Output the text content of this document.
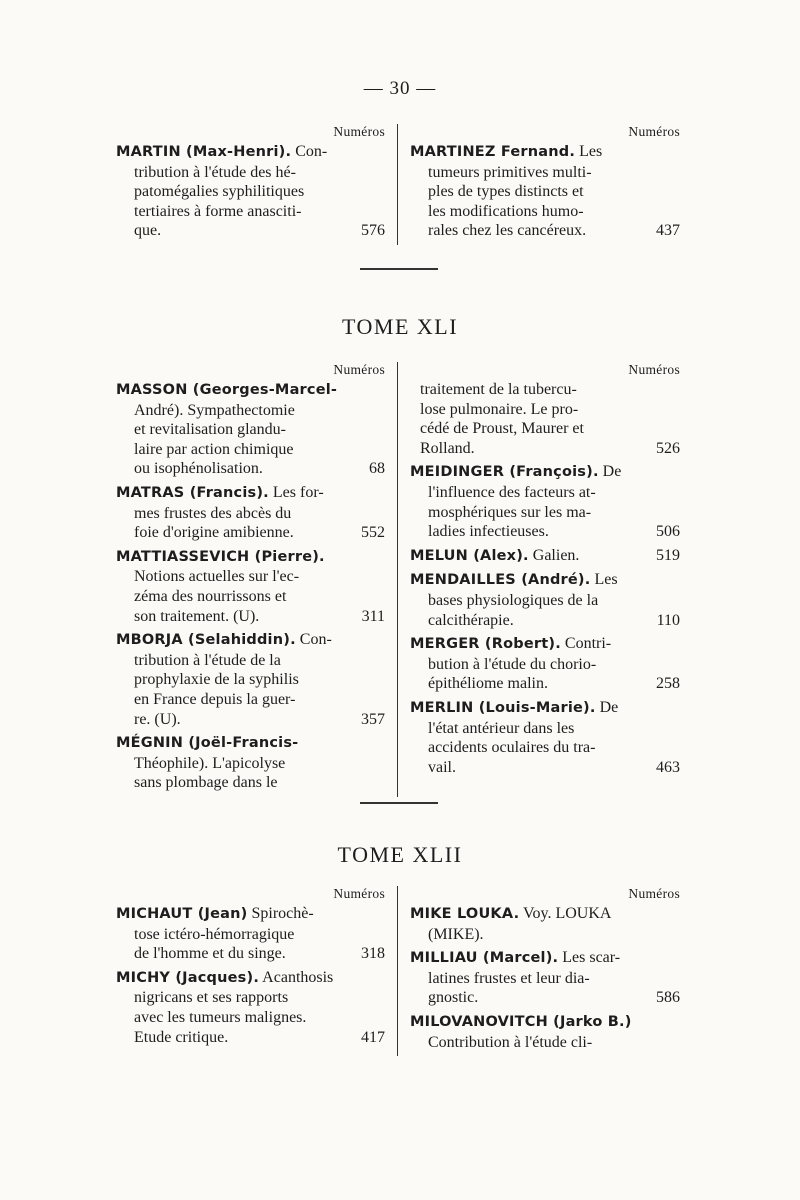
— 30 —
Numéros
MARTIN (Max-Henri). Con-
tribution à l'étude des hé-
patomégalies syphilitiques
tertiaires à forme anasciti-
que.	576
Numéros
MARTINEZ Fernand. Les
tumeurs primitives multi-
ples de types distincts et
les modifications humo-
rales chez les cancéreux.	437
TOME XLI
Numéros
MASSON (Georges-Marcel-
André). Sympathectomie
et revitalisation glandu-
laire par action chimique
ou isophénolisation.	68
MATRAS (Francis). Les for-
mes frustes des abcès du
foie d'origine amibienne.	552
MATTIASSEVICH (Pierre).
Notions actuelles sur l'ec-
zéma des nourrissons et
son traitement. (U).	311
MBORJA (Selahiddin). Con-
tribution à l'étude de la
prophylaxie de la syphilis
en France depuis la guer-
re. (U).	357
MÉGNIN (Joël-Francis-
Théophile). L'apicolyse
sans plombage dans le
Numéros
traitement de la tubercu-
lose pulmonaire. Le pro-
cédé de Proust, Maurer et
Rolland.	526
MEIDINGER (François). De
l'influence des facteurs at-
mosphériques sur les ma-
ladies infectieuses.	506
MELUN (Alex). Galien.	519
MENDAILLES (André). Les
bases physiologiques de la
calcithérapie.	110
MERGER (Robert). Contri-
bution à l'étude du chorio-
épithéliome malin.	258
MERLIN (Louis-Marie). De
l'état antérieur dans les
accidents oculaires du tra-
vail.	463
TOME XLII
Numéros
MICHAUT (Jean) Spirochè-
tose ictéro-hémorragique
de l'homme et du singe.	318
MICHY (Jacques). Acanthosis
nigricans et ses rapports
avec les tumeurs malignes.
Etude critique.	417
Numéros
MIKE LOUKA. Voy. LOUKA
(MIKE).
MILLIAU (Marcel). Les scar-
latines frustes et leur dia-
gnostic.	586
MILOVANOVITCH (Jarko B.)
Contribution à l'étude cli-
